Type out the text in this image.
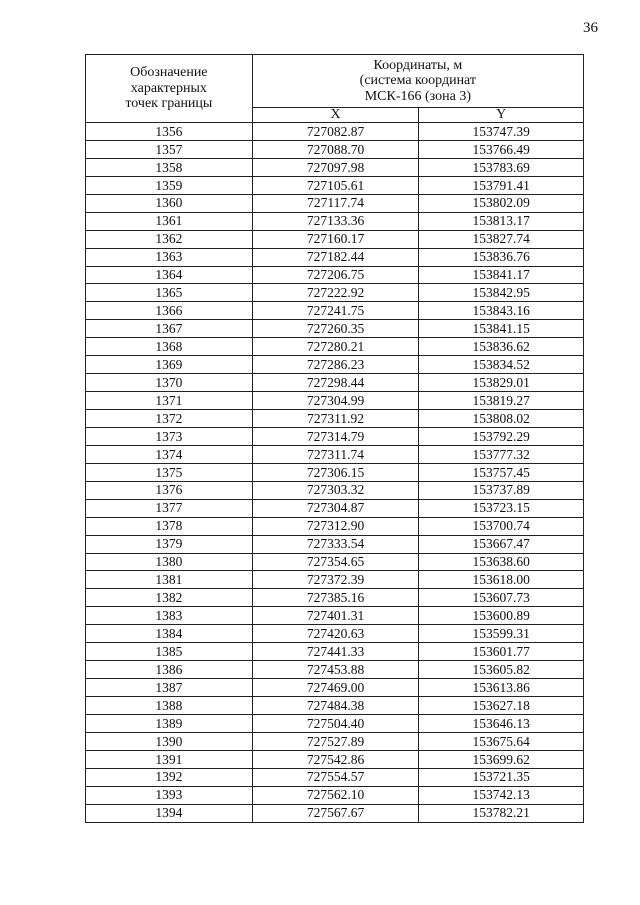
36
Обозначение
характерных
точек границы	Координаты, м
(система координат
МСК-166 (зона 3)	

	X	Y
1356	727082.87	153747.39
1357	727088.70	153766.49
1358	727097.98	153783.69
1359	727105.61	153791.41
1360	727117.74	153802.09
1361	727133.36	153813.17
1362	727160.17	153827.74
1363	727182.44	153836.76
1364	727206.75	153841.17
1365	727222.92	153842.95
1366	727241.75	153843.16
1367	727260.35	153841.15
1368	727280.21	153836.62
1369	727286.23	153834.52
1370	727298.44	153829.01
1371	727304.99	153819.27
1372	727311.92	153808.02
1373	727314.79	153792.29
1374	727311.74	153777.32
1375	727306.15	153757.45
1376	727303.32	153737.89
1377	727304.87	153723.15
1378	727312.90	153700.74
1379	727333.54	153667.47
1380	727354.65	153638.60
1381	727372.39	153618.00
1382	727385.16	153607.73
1383	727401.31	153600.89
1384	727420.63	153599.31
1385	727441.33	153601.77
1386	727453.88	153605.82
1387	727469.00	153613.86
1388	727484.38	153627.18
1389	727504.40	153646.13
1390	727527.89	153675.64
1391	727542.86	153699.62
1392	727554.57	153721.35
1393	727562.10	153742.13
1394	727567.67	153782.21
